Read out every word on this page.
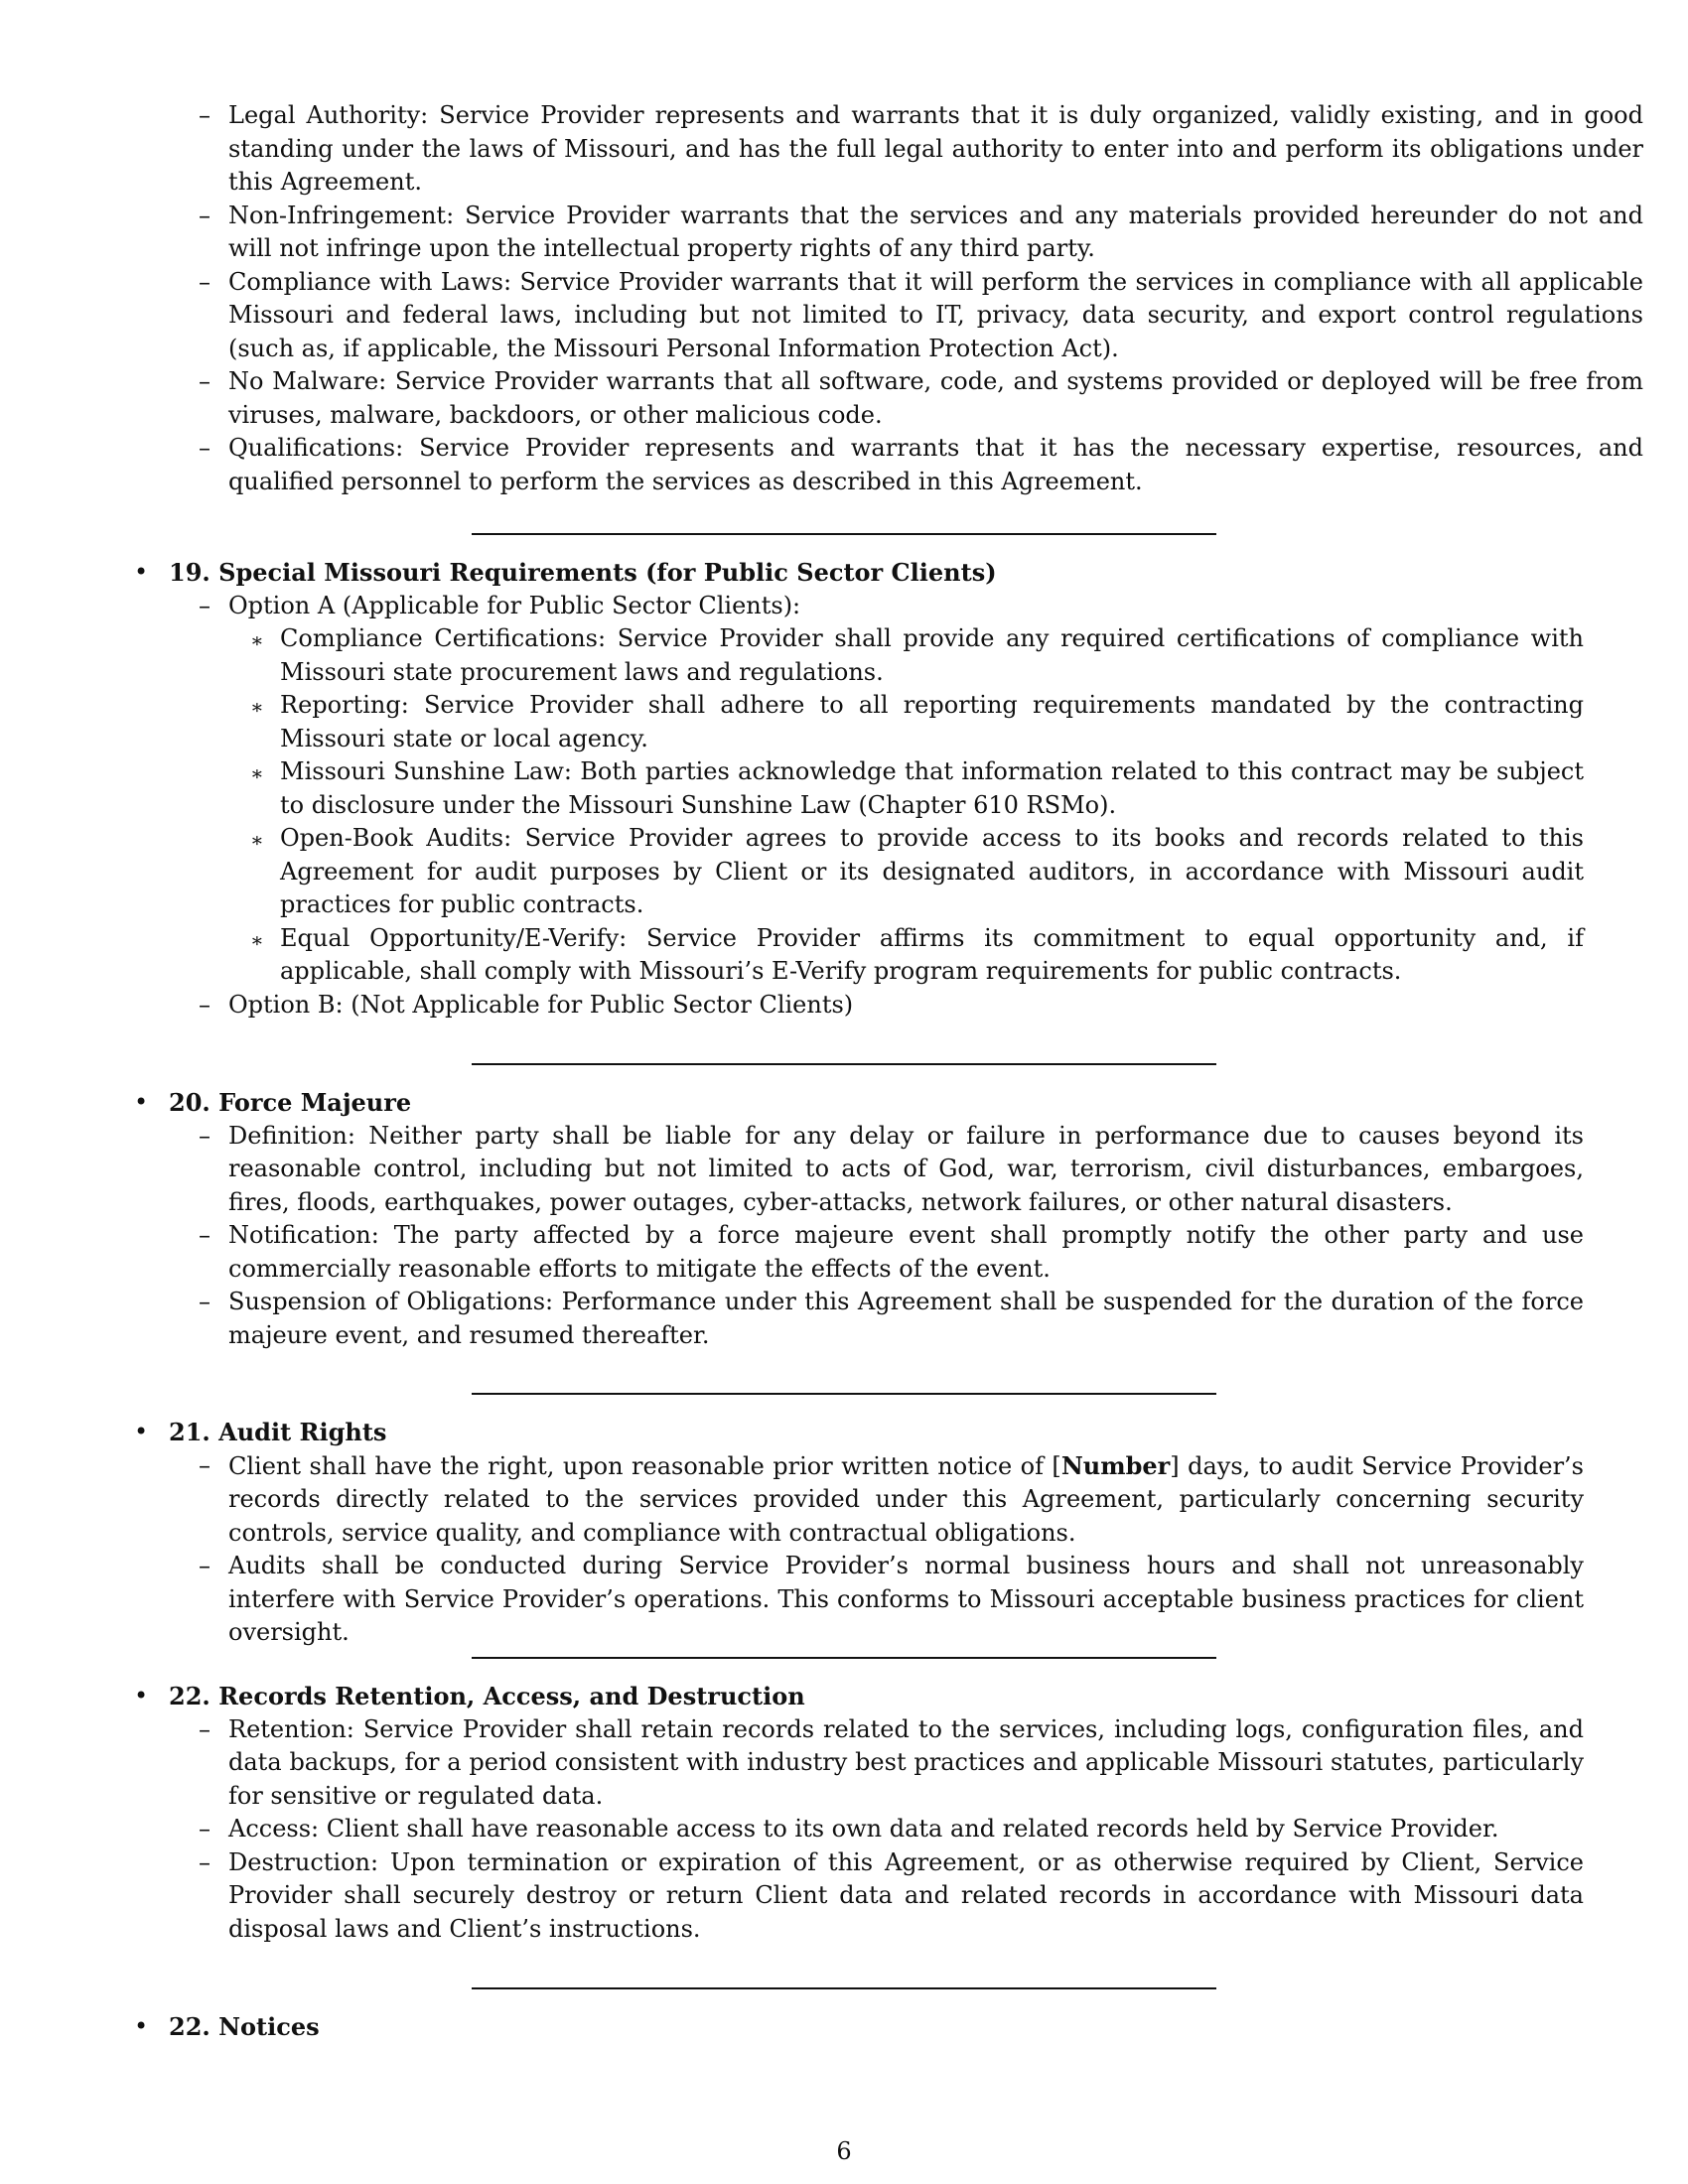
– Legal Authority: Service Provider represents and warrants that it is duly organized, validly existing, and in good standing under the laws of Missouri, and has the full legal authority to enter into and perform its obligations under this Agreement.
– Non-Infringement: Service Provider warrants that the services and any materials provided hereunder do not and will not infringe upon the intellectual property rights of any third party.
– Compliance with Laws: Service Provider warrants that it will perform the services in compliance with all applicable Missouri and federal laws, including but not limited to IT, privacy, data security, and export control regulations (such as, if applicable, the Missouri Personal Information Protection Act).
– No Malware: Service Provider warrants that all software, code, and systems provided or deployed will be free from viruses, malware, backdoors, or other malicious code.
– Qualifications: Service Provider represents and warrants that it has the necessary expertise, resources, and qualified personnel to perform the services as described in this Agreement.
• 19. Special Missouri Requirements (for Public Sector Clients)
– Option A (Applicable for Public Sector Clients):
∗ Compliance Certifications: Service Provider shall provide any required certifications of compliance with Missouri state procurement laws and regulations.
∗ Reporting: Service Provider shall adhere to all reporting requirements mandated by the contracting Missouri state or local agency.
∗ Missouri Sunshine Law: Both parties acknowledge that information related to this contract may be subject to disclosure under the Missouri Sunshine Law (Chapter 610 RSMo).
∗ Open-Book Audits: Service Provider agrees to provide access to its books and records related to this Agreement for audit purposes by Client or its designated auditors, in accordance with Missouri audit practices for public contracts.
∗ Equal Opportunity/E-Verify: Service Provider affirms its commitment to equal opportunity and, if applicable, shall comply with Missouri’s E-Verify program requirements for public contracts.
– Option B: (Not Applicable for Public Sector Clients)
• 20. Force Majeure
– Definition: Neither party shall be liable for any delay or failure in performance due to causes beyond its reasonable control, including but not limited to acts of God, war, terrorism, civil disturbances, embargoes, fires, floods, earthquakes, power outages, cyber-attacks, network failures, or other natural disasters.
– Notification: The party affected by a force majeure event shall promptly notify the other party and use commercially reasonable efforts to mitigate the effects of the event.
– Suspension of Obligations: Performance under this Agreement shall be suspended for the duration of the force majeure event, and resumed thereafter.
• 21. Audit Rights
– Client shall have the right, upon reasonable prior written notice of [Number] days, to audit Service Provider’s records directly related to the services provided under this Agreement, particularly concerning security controls, service quality, and compliance with contractual obligations.
– Audits shall be conducted during Service Provider’s normal business hours and shall not unreasonably interfere with Service Provider’s operations. This conforms to Missouri acceptable business practices for client oversight.
• 22. Records Retention, Access, and Destruction
– Retention: Service Provider shall retain records related to the services, including logs, configuration files, and data backups, for a period consistent with industry best practices and applicable Missouri statutes, particularly for sensitive or regulated data.
– Access: Client shall have reasonable access to its own data and related records held by Service Provider.
– Destruction: Upon termination or expiration of this Agreement, or as otherwise required by Client, Service Provider shall securely destroy or return Client data and related records in accordance with Missouri data disposal laws and Client’s instructions.
• 22. Notices
6
